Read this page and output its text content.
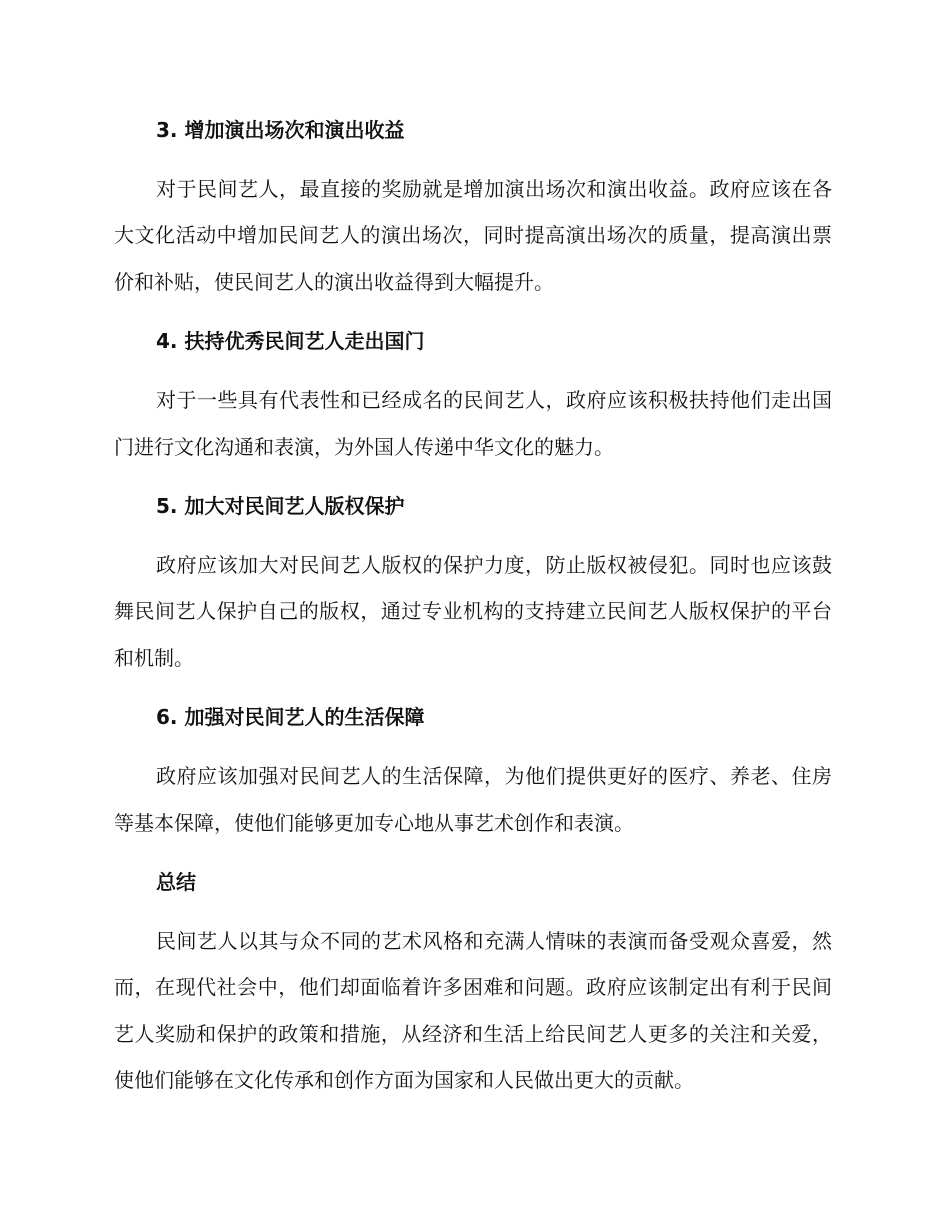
3. 增加演出场次和演出收益

对于民间艺人，最直接的奖励就是增加演出场次和演出收益。政府应该在各大文化活动中增加民间艺人的演出场次，同时提高演出场次的质量，提高演出票价和补贴，使民间艺人的演出收益得到大幅提升。

4. 扶持优秀民间艺人走出国门

对于一些具有代表性和已经成名的民间艺人，政府应该积极扶持他们走出国门进行文化沟通和表演，为外国人传递中华文化的魅力。

5. 加大对民间艺人版权保护

政府应该加大对民间艺人版权的保护力度，防止版权被侵犯。同时也应该鼓舞民间艺人保护自己的版权，通过专业机构的支持建立民间艺人版权保护的平台和机制。

6. 加强对民间艺人的生活保障

政府应该加强对民间艺人的生活保障，为他们提供更好的医疗、养老、住房等基本保障，使他们能够更加专心地从事艺术创作和表演。

总结

民间艺人以其与众不同的艺术风格和充满人情味的表演而备受观众喜爱，然而，在现代社会中，他们却面临着许多困难和问题。政府应该制定出有利于民间艺人奖励和保护的政策和措施，从经济和生活上给民间艺人更多的关注和关爱，使他们能够在文化传承和创作方面为国家和人民做出更大的贡献。
